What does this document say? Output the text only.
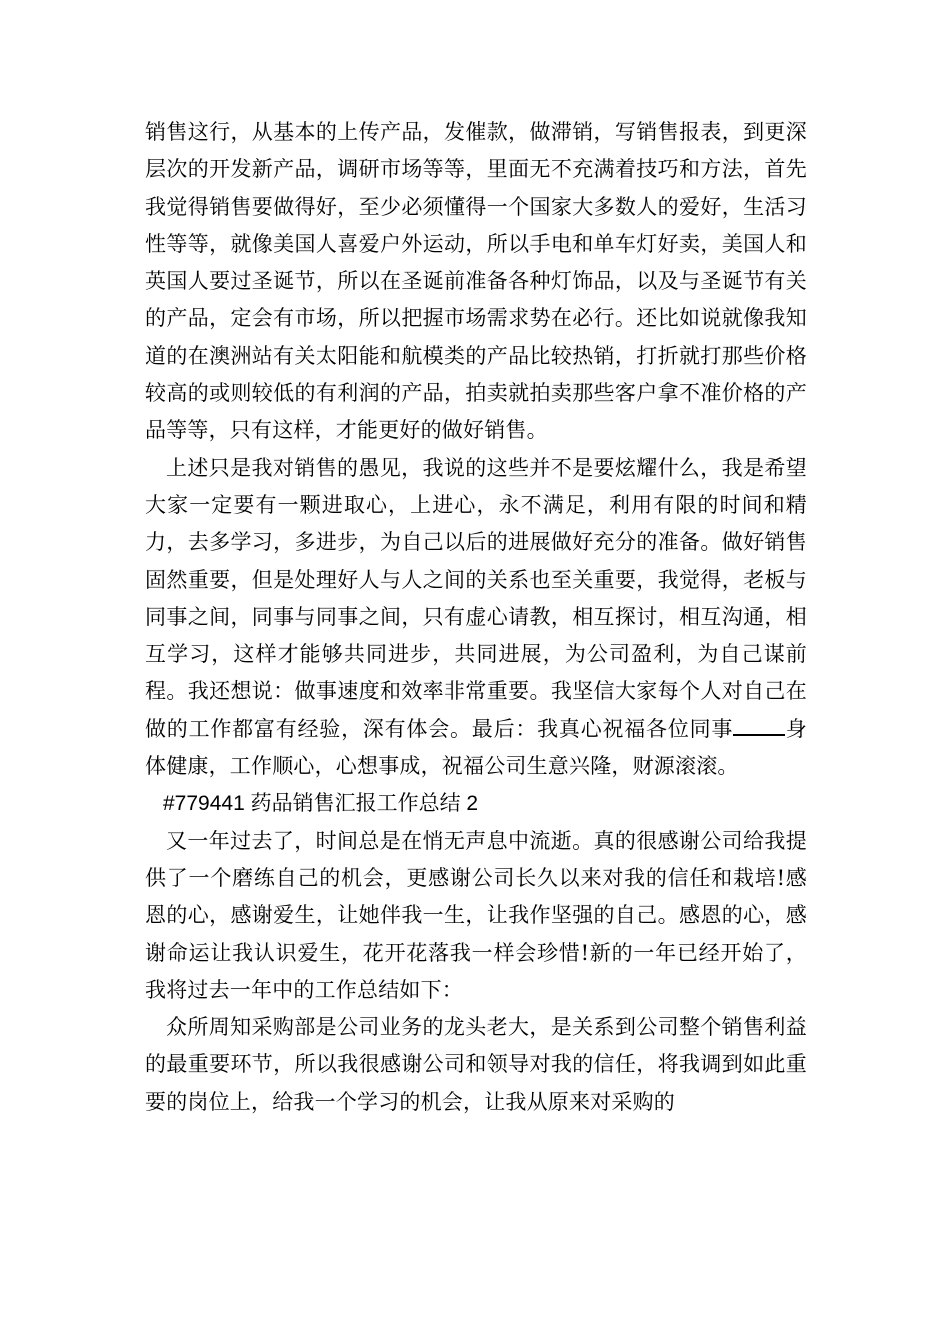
销售这行，从基本的上传产品，发催款，做滞销，写销售报表，到更深层次的开发新产品，调研市场等等，里面无不充满着技巧和方法，首先我觉得销售要做得好，至少必须懂得一个国家大多数人的爱好，生活习性等等，就像美国人喜爱户外运动，所以手电和单车灯好卖，美国人和英国人要过圣诞节，所以在圣诞前准备各种灯饰品，以及与圣诞节有关的产品，定会有市场，所以把握市场需求势在必行。还比如说就像我知道的在澳洲站有关太阳能和航模类的产品比较热销，打折就打那些价格较高的或则较低的有利润的产品，拍卖就拍卖那些客户拿不准价格的产品等等，只有这样，才能更好的做好销售。

上述只是我对销售的愚见，我说的这些并不是要炫耀什么，我是希望大家一定要有一颗进取心，上进心，永不满足，利用有限的时间和精力，去多学习，多进步，为自己以后的进展做好充分的准备。做好销售固然重要，但是处理好人与人之间的关系也至关重要，我觉得，老板与同事之间，同事与同事之间，只有虚心请教，相互探讨，相互沟通，相互学习，这样才能够共同进步，共同进展，为公司盈利，为自己谋前程。我还想说：做事速度和效率非常重要。我坚信大家每个人对自己在做的工作都富有经验，深有体会。最后：我真心祝福各位同事 身体健康，工作顺心，心想事成，祝福公司生意兴隆，财源滚滚。

#779441 药品销售汇报工作总结 2

又一年过去了，时间总是在悄无声息中流逝。真的很感谢公司给我提供了一个磨练自己的机会，更感谢公司长久以来对我的信任和栽培!感恩的心，感谢爱生，让她伴我一生，让我作坚强的自己。感恩的心，感谢命运让我认识爱生，花开花落我一样会珍惜!新的一年已经开始了，我将过去一年中的工作总结如下：

众所周知采购部是公司业务的龙头老大，是关系到公司整个销售利益的最重要环节，所以我很感谢公司和领导对我的信任，将我调到如此重要的岗位上，给我一个学习的机会，让我从原来对采购的
